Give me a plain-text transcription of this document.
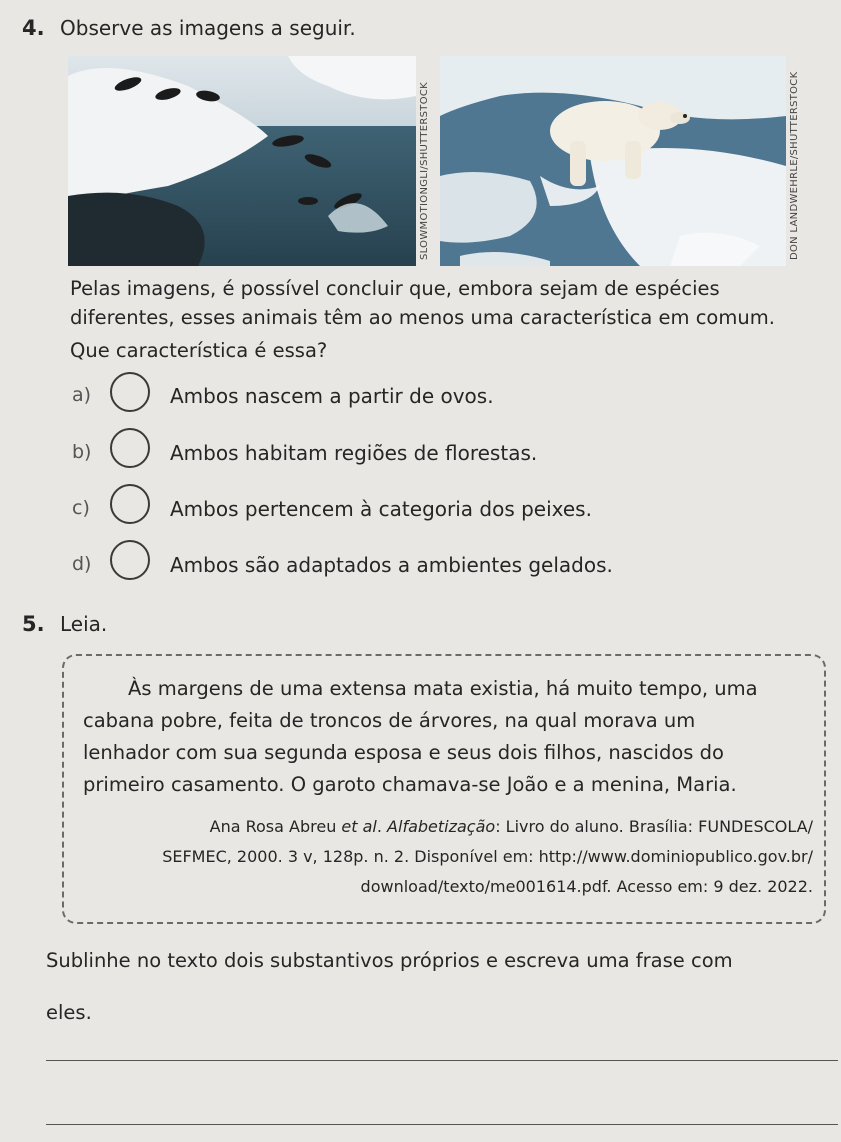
4. Observe as imagens a seguir.
SLOWMOTIONGLI/SHUTTERSTOCK	DON LANDWEHRLE/SHUTTERSTOCK
Pelas imagens, é possível concluir que, embora sejam de espécies
diferentes, esses animais têm ao menos uma característica em comum.
Que característica é essa?
a)	Ambos nascem a partir de ovos.
b)	Ambos habitam regiões de florestas.
c)	Ambos pertencem à categoria dos peixes.
d)	Ambos são adaptados a ambientes gelados.
5. Leia.
Às margens de uma extensa mata existia, há muito tempo, uma
cabana pobre, feita de troncos de árvores, na qual morava um
lenhador com sua segunda esposa e seus dois filhos, nascidos do
primeiro casamento. O garoto chamava-se João e a menina, Maria.
Ana Rosa Abreu et al. Alfabetização: Livro do aluno. Brasília: FUNDESCOLA/
SEFMEC, 2000. 3 v, 128p. n. 2. Disponível em: http://www.dominiopublico.gov.br/
download/texto/me001614.pdf. Acesso em: 9 dez. 2022.
Sublinhe no texto dois substantivos próprios e escreva uma frase com
eles.
